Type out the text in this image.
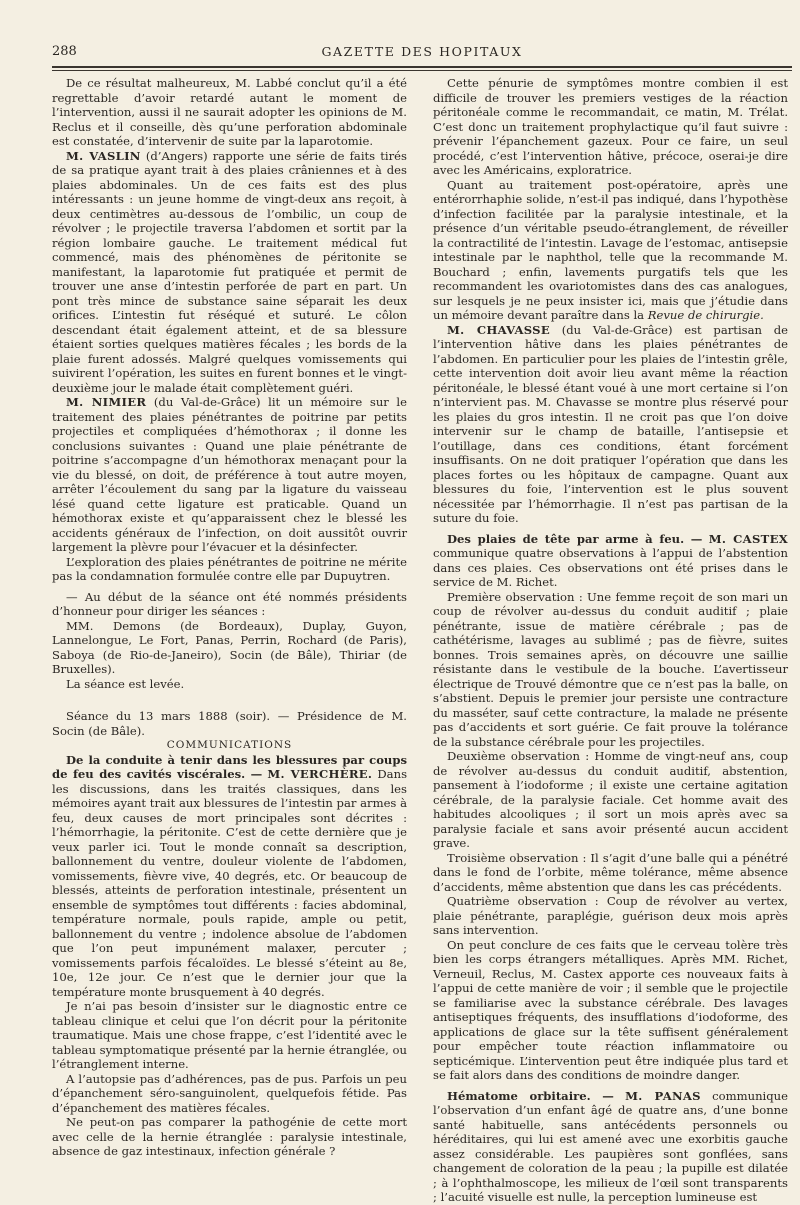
288	GAZETTE DES HOPITAUX

De ce résultat malheureux, M. Labbé conclut qu’il a été regrettable d’avoir retardé autant le moment de l’intervention, aussi il ne saurait adopter les opinions de M. Reclus et il conseille, dès qu’une perforation abdominale est constatée, d’intervenir de suite par la laparotomie.

M. VASLIN (d’Angers) rapporte une série de faits tirés de sa pratique ayant trait à des plaies crâniennes et à des plaies abdominales. Un de ces faits est des plus intéressants : un jeune homme de vingt-deux ans reçoit, à deux centimètres au-dessous de l’ombilic, un coup de révolver ; le projectile traversa l’abdomen et sortit par la région lombaire gauche. Le traitement médical fut commencé, mais des phénomènes de péritonite se manifestant, la laparotomie fut pratiquée et permit de trouver une anse d’intestin perforée de part en part. Un pont très mince de substance saine séparait les deux orifices. L’intestin fut réséqué et suturé. Le côlon descendant était également atteint, et de sa blessure étaient sorties quelques matières fécales ; les bords de la plaie furent adossés. Malgré quelques vomissements qui suivirent l’opération, les suites en furent bonnes et le vingt-deuxième jour le malade était complètement guéri.

M. NIMIER (du Val-de-Grâce) lit un mémoire sur le traitement des plaies pénétrantes de poitrine par petits projectiles et compliquées d’hémothorax ; il donne les conclusions suivantes : Quand une plaie pénétrante de poitrine s’accompagne d’un hémothorax menaçant pour la vie du blessé, on doit, de préférence à tout autre moyen, arrêter l’écoulement du sang par la ligature du vaisseau lésé quand cette ligature est praticable. Quand un hémothorax existe et qu’apparaissent chez le blessé les accidents généraux de l’infection, on doit aussitôt ouvrir largement la plèvre pour l’évacuer et la désinfecter.

L’exploration des plaies pénétrantes de poitrine ne mérite pas la condamnation formulée contre elle par Dupuytren.

— Au début de la séance ont été nommés présidents d’honneur pour diriger les séances :

MM. Demons (de Bordeaux), Duplay, Guyon, Lannelongue, Le Fort, Panas, Perrin, Rochard (de Paris), Saboya (de Rio-de-Janeiro), Socin (de Bâle), Thiriar (de Bruxelles).

La séance est levée.

Séance du 13 mars 1888 (soir). — Présidence de M. Socin (de Bâle).

COMMUNICATIONS

De la conduite à tenir dans les blessures par coups de feu des cavités viscérales. — M. VERCHÈRE. Dans les discussions, dans les traités classiques, dans les mémoires ayant trait aux blessures de l’intestin par armes à feu, deux causes de mort principales sont décrites : l’hémorrhagie, la péritonite. C’est de cette dernière que je veux parler ici. Tout le monde connaît sa description, ballonnement du ventre, douleur violente de l’abdomen, vomissements, fièvre vive, 40 degrés, etc. Or beaucoup de blessés, atteints de perforation intestinale, présentent un ensemble de symptômes tout différents : facies abdominal, température normale, pouls rapide, ample ou petit, ballonnement du ventre ; indolence absolue de l’abdomen que l’on peut impunément malaxer, percuter ; vomissements parfois fécaloïdes. Le blessé s’éteint au 8e, 10e, 12e jour. Ce n’est que le dernier jour que la température monte brusquement à 40 degrés.

Je n’ai pas besoin d’insister sur le diagnostic entre ce tableau clinique et celui que l’on décrit pour la péritonite traumatique. Mais une chose frappe, c’est l’identité avec le tableau symptomatique présenté par la hernie étranglée, ou l’étranglement interne.

A l’autopsie pas d’adhérences, pas de pus. Parfois un peu d’épanchement séro-sanguinolent, quelquefois fétide. Pas d’épanchement des matières fécales.

Ne peut-on pas comparer la pathogénie de cette mort avec celle de la hernie étranglée : paralysie intestinale, absence de gaz intestinaux, infection générale ?

Cette pénurie de symptômes montre combien il est difficile de trouver les premiers vestiges de la réaction péritonéale comme le recommandait, ce matin, M. Trélat. C’est donc un traitement prophylactique qu’il faut suivre : prévenir l’épanchement gazeux. Pour ce faire, un seul procédé, c’est l’intervention hâtive, précoce, oserai-je dire avec les Américains, exploratrice.

Quant au traitement post-opératoire, après une entérorrhaphie solide, n’est-il pas indiqué, dans l’hypothèse d’infection facilitée par la paralysie intestinale, et la présence d’un véritable pseudo-étranglement, de réveiller la contractilité de l’intestin. Lavage de l’estomac, antisepsie intestinale par le naphthol, telle que la recommande M. Bouchard ; enfin, lavements purgatifs tels que les recommandent les ovariotomistes dans des cas analogues, sur lesquels je ne peux insister ici, mais que j’étudie dans un mémoire devant paraître dans la Revue de chirurgie.

M. CHAVASSE (du Val-de-Grâce) est partisan de l’intervention hâtive dans les plaies pénétrantes de l’abdomen. En particulier pour les plaies de l’intestin grêle, cette intervention doit avoir lieu avant même la réaction péritonéale, le blessé étant voué à une mort certaine si l’on n’intervient pas. M. Chavasse se montre plus réservé pour les plaies du gros intestin. Il ne croit pas que l’on doive intervenir sur le champ de bataille, l’antisepsie et l’outillage, dans ces conditions, étant forcément insuffisants. On ne doit pratiquer l’opération que dans les places fortes ou les hôpitaux de campagne. Quant aux blessures du foie, l’intervention est le plus souvent nécessitée par l’hémorrhagie. Il n’est pas partisan de la suture du foie.

Des plaies de tête par arme à feu. — M. CASTEX communique quatre observations à l’appui de l’abstention dans ces plaies. Ces observations ont été prises dans le service de M. Richet.

Première observation : Une femme reçoit de son mari un coup de révolver au-dessus du conduit auditif ; plaie pénétrante, issue de matière cérébrale ; pas de cathétérisme, lavages au sublimé ; pas de fièvre, suites bonnes. Trois semaines après, on découvre une saillie résistante dans le vestibule de la bouche. L’avertisseur électrique de Trouvé démontre que ce n’est pas la balle, on s’abstient. Depuis le premier jour persiste une contracture du masséter, sauf cette contracture, la malade ne présente pas d’accidents et sort guérie. Ce fait prouve la tolérance de la substance cérébrale pour les projectiles.

Deuxième observation : Homme de vingt-neuf ans, coup de révolver au-dessus du conduit auditif, abstention, pansement à l’iodoforme ; il existe une certaine agitation cérébrale, de la paralysie faciale. Cet homme avait des habitudes alcooliques ; il sort un mois après avec sa paralysie faciale et sans avoir présenté aucun accident grave.

Troisième observation : Il s’agit d’une balle qui a pénétré dans le fond de l’orbite, même tolérance, même absence d’accidents, même abstention que dans les cas précédents.

Quatrième observation : Coup de révolver au vertex, plaie pénétrante, paraplégie, guérison deux mois après sans intervention.

On peut conclure de ces faits que le cerveau tolère très bien les corps étrangers métalliques. Après MM. Richet, Verneuil, Reclus, M. Castex apporte ces nouveaux faits à l’appui de cette manière de voir ; il semble que le projectile se familiarise avec la substance cérébrale. Des lavages antiseptiques fréquents, des insufflations d’iodoforme, des applications de glace sur la tête suffisent généralement pour empêcher toute réaction inflammatoire ou septicémique. L’intervention peut être indiquée plus tard et se fait alors dans des conditions de moindre danger.

Hématome orbitaire. — M. PANAS communique l’observation d’un enfant âgé de quatre ans, d’une bonne santé habituelle, sans antécédents personnels ou héréditaires, qui lui est amené avec une exorbitis gauche assez considérable. Les paupières sont gonflées, sans changement de coloration de la peau ; la pupille est dilatée ; à l’ophthalmoscope, les milieux de l’œil sont transparents ; l’acuité visuelle est nulle, la perception lumineuse est
